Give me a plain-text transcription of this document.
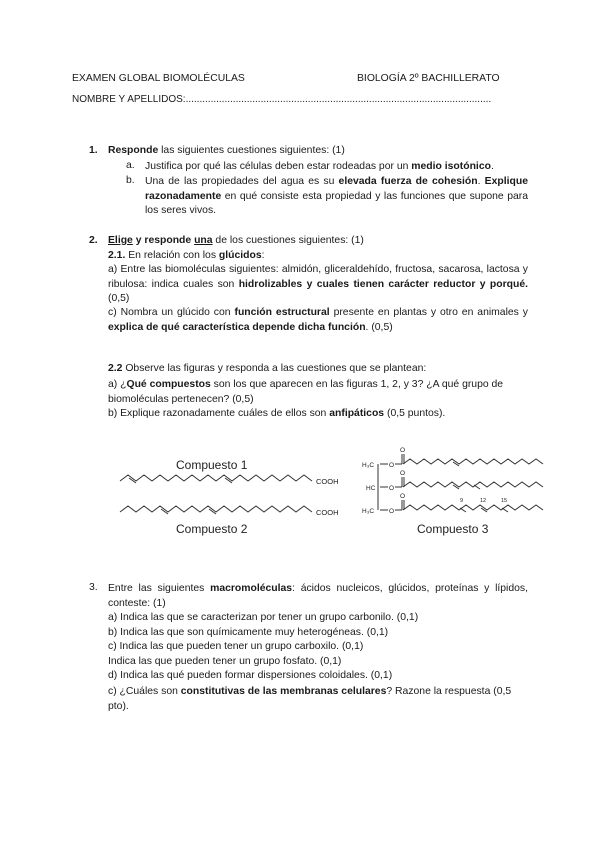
EXAMEN GLOBAL BIOMOLÉCULAS	BIOLOGÍA 2º BACHILLERATO
NOMBRE Y APELLIDOS:..............................................................................................................
1. Responde las siguientes cuestiones siguientes: (1)
a. Justifica por qué las células deben estar rodeadas por un medio isotónico.
b. Una de las propiedades del agua es su elevada fuerza de cohesión. Explique razonadamente en qué consiste esta propiedad y las funciones que supone para los seres vivos.
2. Elige y responde una de los cuestiones siguientes: (1)
2.1. En relación con los glúcidos:
a) Entre las biomoléculas siguientes: almidón, gliceraldehído, fructosa, sacarosa, lactosa y ribulosa: indica cuales son hidrolizables y cuales tienen carácter reductor y porqué. (0,5)
c) Nombra un glúcido con función estructural presente en plantas y otro en animales y explica de qué característica depende dicha función. (0,5)
2.2 Observe las figuras y responda a las cuestiones que se plantean:
a) ¿Qué compuestos son los que aparecen en las figuras 1, 2, y 3? ¿A qué grupo de biomoléculas pertenecen? (0,5)
b) Explique razonadamente cuáles de ellos son anfipáticos (0,5 puntos).
Compuesto 1
COOH
COOH
Compuesto 2
H₃C
HC
H₃C
O
O
O
O
O
O
9	12	15
Compuesto 3
3. Entre las siguientes macromoléculas: ácidos nucleicos, glúcidos, proteínas y lípidos, conteste: (1)
a) Indica las que se caracterizan por tener un grupo carbonilo. (0,1)
b) Indica las que son químicamente muy heterogéneas. (0,1)
c) Indica las que pueden tener un grupo carboxilo. (0,1)
Indica las que pueden tener un grupo fosfato. (0,1)
d) Indica las qué pueden formar dispersiones coloidales. (0,1)
c) ¿Cuáles son constitutivas de las membranas celulares? Razone la respuesta (0,5 pto).
